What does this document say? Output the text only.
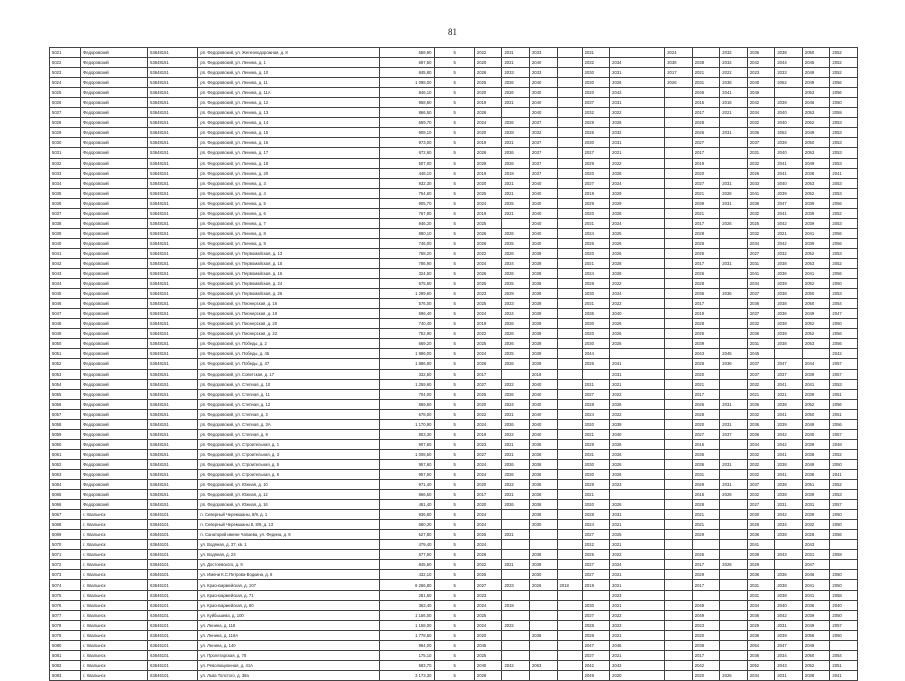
81
5021	Федоровский	53648151	рп. Федоровский, ул. Железнодорожная, д. 8	658,90	5	2022	2031	2033		2031		2024		2032	2036	2038	2050	2052
5022	Федоровский	53648151	рп. Федоровский, ул. Ленина, д. 1	697,50	5	2020	2021	2040		2032	2034	2036	2038	2032	2042	2044	2045	2052
5023	Федоровский	53648151	рп. Федоровский, ул. Ленина, д. 10	845,80	5	2026	2033	2033		2030	2031	2017	2021	2022	2023	2033	2049	2052
5024	Федоровский	53648151	рп. Федоровский, ул. Ленина, д. 11	1 098,00	5	2025	2026	2040		2030	2026	2026	2031	2036	2040	2052	2049	2056
5025	Федоровский	53648151	рп. Федоровский, ул. Ленина, д. 11А	846,10	5	2020	2026	2040		2020	2042		2046	2041	2049		2053	2056
5026	Федоровский	53648151	рп. Федоровский, ул. Ленина, д. 12	958,80	5	2019	2021	2040		2037	2031		2015	2016	2042	2039	2046	2050
5027	Федоровский	53648151	рп. Федоровский, ул. Ленина, д. 13	866,50	5	2026		2040		2032	2022		2017	2021	2034	2040	2053	2059
5028	Федоровский	53648151	рп. Федоровский, ул. Ленина, д. 14	659,70	5	2024	2026	2037		2029	2028		2028		2032	2040	2052	2053
5029	Федоровский	53648151	рп. Федоровский, ул. Ленина, д. 15	908,10	5	2020	2028	2032		2026	2032		2026	2031	2036	2052	2049	2053
5030	Федоровский	53648151	рп. Федоровский, ул. Ленина, д. 16	973,00	5	2019	2021	2037		2030	2031		2027		2037	2039	2050	2053
5031	Федоровский	53648151	рп. Федоровский, ул. Ленина, д. 17	672,60	5	2026	2026	2037		2027	2021		2017		2031	2040	2053	2053
5032	Федоровский	53648151	рп. Федоровский, ул. Ленина, д. 18	507,00	5	2029	2026	2037		2029	2022		2019		2032	2041	2049	2053
5033	Федоровский	53648151	рп. Федоровский, ул. Ленина, д. 20	446,10	5	2019	2019	2037		2020	2028		2020		2026	2041	2038	2041
5034	Федоровский	53648151	рп. Федоровский, ул. Ленина, д. 3	932,30	5	2020	2021	2040		2027	2024		2027	2031	2033	2040	2053	2053
5035	Федоровский	53648151	рп. Федоровский, ул. Ленина, д. 4	754,60	5	2025	2021	2040		2019	2029		2021	2026	2041	2039	2052	2053
5036	Федоровский	53648151	рп. Федоровский, ул. Ленина, д. 5	905,70	5	2024	2025	2040		2029	2029		2039	2031	2036	2047	2039	2056
5037	Федоровский	53648151	рп. Федоровский, ул. Ленина, д. 6	767,80	5	2019	2021	2040		2020	2028		2021		2032	2041	2039	2052
5038	Федоровский	53648151	рп. Федоровский, ул. Ленина, д. 7	946,20	5	2025		2040		2031	2024		2017	2026	2025	2042	2039	2053
5039	Федоровский	53648151	рп. Федоровский, ул. Ленина, д. 8	880,10	5	2026	2026	2040		2024	2025		2028		2032	2021	2041	2056
5040	Федоровский	53648151	рп. Федоровский, ул. Ленина, д. 9	746,00	5	2026	2025	2040		2026	2026		2026		2034	2042	2039	2056
5041	Федоровский	53648151	рп. Федоровский, ул. Первомайская, д. 13	768,20	5	2022	2026	2039		2020	2026		2026		2027	2032	2052	2053
5042	Федоровский	53648151	рп. Федоровский, ул. Первомайская, д. 15	786,90	5	2024	2024	2039		2021	2028		2017	2031	2031	2038	2053	2052
5043	Федоровский	53648151	рп. Федоровский, ул. Первомайская, д. 16	324,50	5	2026	2026	2038		2024	2028		2026		2041	2036	2041	2056
5044	Федоровский	53648151	рп. Федоровский, ул. Первомайская, д. 24	675,60	5	2025	2025	2038		2028	2022		2028		2034	2039	2052	2050
5045	Федоровский	53648151	рп. Федоровский, ул. Первомайская, д. 26	1 299,60	5	2023	2029	2038		2030	2024		2036	2036	2037	2038	2050	2053
5046	Федоровский	53648151	рп. Федоровский, ул. Пионерская, д. 16	576,00	5	2025	2023	2039		2031	2022		2017		2036	2038	2050	2054
5047	Федоровский	53648151	рп. Федоровский, ул. Пионерская, д. 19	596,40	5	2024	2024	2039		2036	2040		2019		2037	2036	2049	2047
5048	Федоровский	53648151	рп. Федоровский, ул. Пионерская, д. 20	740,40	5	2019	2026	2039		2030	2026		2028		2032	2038	2052	2050
5049	Федоровский	53648151	рп. Федоровский, ул. Пионерская, д. 22	752,90	5	2022	2026	2039		2020	2026		2026		2036	2039	2052	2056
5050	Федоровский	53648151	рп. Федоровский, ул. Победы, д. 2	669,20	5	2025	2026	2039		2030	2026		2039		2031	2038	2053	2056
5051	Федоровский	53648151	рп. Федоровский, ул. Победы, д. 45	1 996,00	5	2024	2025	2039		2044			2043	2045	2045			2042
5052	Федоровский	53648151	рп. Федоровский, ул. Победы, д. 47	1 886,90	5	2026	2026	2039		2026	2041		2026	2036	2037	2047	2044	2057
5053	Федоровский	53648151	рп. Федоровский, ул. Советская, д. 17	332,60	5	2017		2018			2031		2020		2037	2037	2039	2057
5054	Федоровский	53648151	рп. Федоровский, ул. Степная, д. 10	1 259,60	5	2027	2022	2040		2021	2021		2021		2032	2041	2041	2053
5055	Федоровский	53648151	рп. Федоровский, ул. Степная, д. 11	704,00	5	2025	2026	2040		2027	2022		2017		2021	2021	2039	2051
5056	Федоровский	53648151	рп. Федоровский, ул. Степная, д. 12	869,60	5	2020	2024	2040		2028	2026		2026	2031	2036	2038	2052	2056
5057	Федоровский	53648151	рп. Федоровский, ул. Степная, д. 3	678,00	5	2022	2021	2040		2024	2022		2028		2032	2041	2050	2051
5058	Федоровский	53648151	рп. Федоровский, ул. Степная, д. 3А	1 170,90	5	2024	2026	2040		2020	2039		2020	2031	2036	2039	2049	2056
5059	Федоровский	53648151	рп. Федоровский, ул. Степная, д. 9	803,30	5	2019	2022	2040		2021	2040		2027	2037	2036	2042	2040	2057
5060	Федоровский	53648151	рп. Федоровский, ул. Строительная, д. 1	907,60	5	2023	2021	2036		2029	2026		2016		2034	2042	2039	2048
5061	Федоровский	53648151	рп. Федоровский, ул. Строительная, д. 3	1 008,50	5	2027	2021	2036		2031	2026		2036		2032	2041	2038	2052
5062	Федоровский	53648151	рп. Федоровский, ул. Строительная, д. 5	957,60	5	2024	2026	2036		2030	2026		2036	2031	2032	2038	2049	2050
5063	Федоровский	53648151	рп. Федоровский, ул. Строительная, д. 6	957,60	5	2024	2026	2036		2030	2026		2031		2032	2041	2038	2041
5064	Федоровский	53648151	рп. Федоровский, ул. Южная, д. 10	971,40	5	2020	2022	2036		2029	2023		2029	2031	2037	2038	2051	2052
5065	Федоровский	53648151	рп. Федоровский, ул. Южная, д. 12	866,50	5	2017	2021	2036		2021			2016	2028	2032	2038	2039	2053
5066	Федоровский	53648151	рп. Федоровский, ул. Южная, д. 16	481,40	5	2020	2026	2036		2020	2026		2028		2027	2031	2031	2057
5067	г. Хвалынск	63646101	п. Северный Черемшаны, 8/9, д. 1	936,80	5	2024		2038		2028	2031		2021		2030	2042	2039	2050
5068	г. Хвалынск	63646101	п. Северный Черемшаны 8, 8/9, д. 13	680,30	5	2024		2030		2024	2021		2021		2028	2034	2032	2050
5069	г. Хвалынск	63646101	п. Санаторий имени Чапаева, ул. Федина, д. 9	527,80	5	2025	2021			2027	2025		2029		2036	2038	2028	2056
5070	г. Хвалынск	63646101	ул. Водяная, д. 37, кв. 1	479,40	5	2024				2022	2021				2041		2043	
5071	г. Хвалынск	63646101	ул. Водяная, д. 23	677,60	5	2026		2038		2025	2022		2026		2039	2043	2031	2059
5072	г. Хвалынск	63646101	ул. Достоевского, д. 9	845,60	5	2022	2021	2039		2027	2024		2017	2026	2029		2047	
5073	г. Хвалынск	63646101	ул. Имени К.С.Петрова-Водкина, д. 8	432,10	5	2025		2030		2027	2021		2029		2036	2036	2046	2050
5074	г. Хвалынск	63646101	ул. Красноармейская, д. 107	6 266,80	5	2027	2023	2026	2018	2019	2021		2017		2031	2038	2041	2050
5075	г. Хвалынск	63646101	ул. Красноармейская, д. 71	281,60	5	2023					2023				2031	2038	2041	2058
5076	г. Хвалынск	63646101	ул. Красноармейская, д. 80	363,40	5	2024	2019			2030	2021		2049		2034	2040	2036	2040
5077	г. Хвалынск	63646101	ул. Куйбышева, д. 100	1 156,00	5	2025				2027	2022		2049		2036	2042	2039	2050
5078	г. Хвалынск	63646101	ул. Ленина, д. 118	1 158,00	5	2024	2022			2028	2023		2023		2029	2031	2049	2057
5079	г. Хвалынск	63646101	ул. Ленина, д. 119А	1 778,50	5	2020		2038		2028	2021		2020		2036	2039	2056	2050
5080	г. Хвалынск	63646101	ул. Ленина, д. 140	984,00	5	2045				2047	2045		2038		2054	2047	2049	
5081	г. Хвалынск	63646101	ул. Пролетарская, д. 78	175,10	5	2025				2027	2021		2017		2036	2034	2050	2054
5082	г. Хвалынск	63646101	ул. Революционная, д. 41А	593,70	5	2040	2042	2063		2042	2042		2042		2052	2043	2052	2051
5083	г. Хвалынск	63646101	ул. Льва Толстого, д. 38а	3 173,30	5	2028				2049	2020		2020	2026	2034	2031	2038	2041
